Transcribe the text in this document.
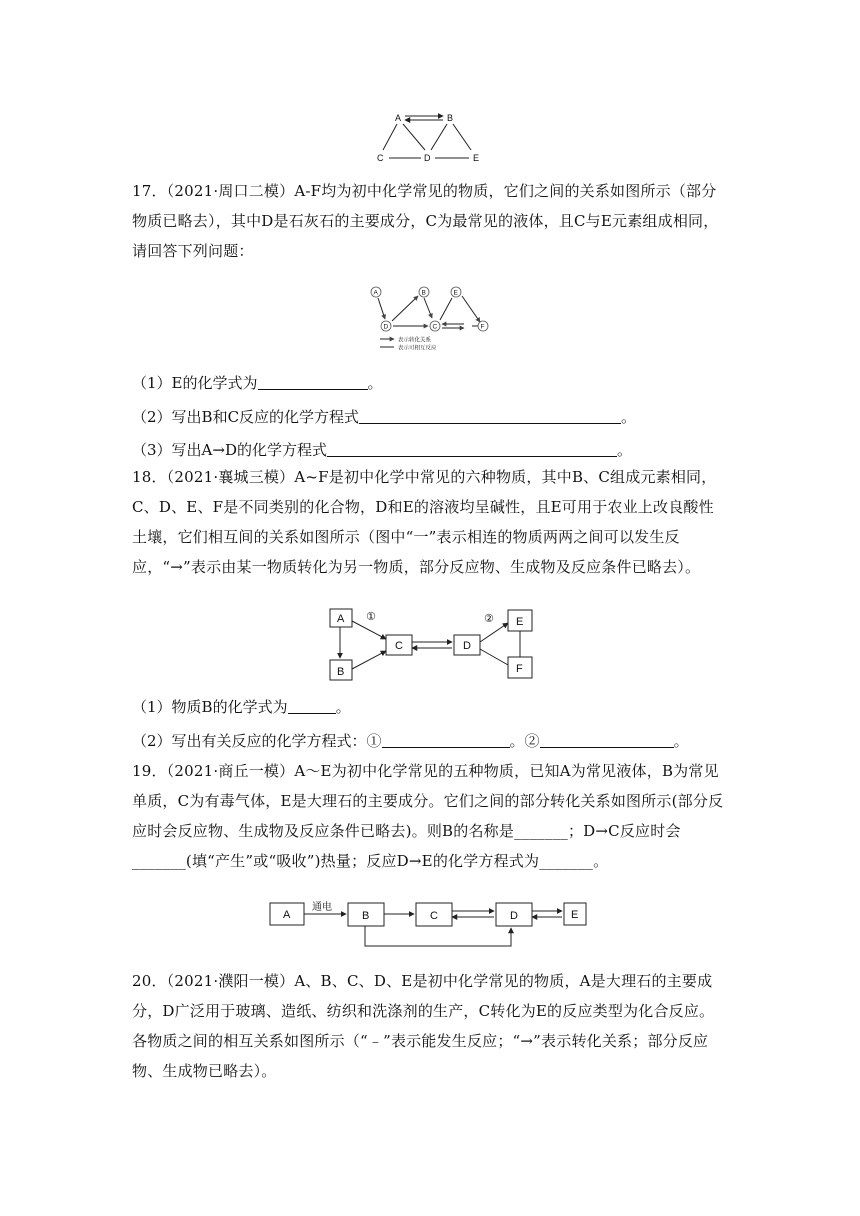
A	B
C	D	E

17．（2021·周口二模）A-F均为初中化学常见的物质，它们之间的关系如图所示（部分物质已略去），其中D是石灰石的主要成分，C为最常见的液体，且C与E元素组成相同，请回答下列问题：

A	B	E
D	C	F
表示转化关系
表示可相互反应

（1）E的化学式为	。

（2）写出B和C反应的化学方程式	。

（3）写出A→D的化学方程式	。

18．（2021·襄城三模）A~F是初中化学中常见的六种物质，其中B、C组成元素相同，C、D、E、F是不同类别的化合物，D和E的溶液均呈碱性，且E可用于农业上改良酸性土壤，它们相互间的关系如图所示（图中“一”表示相连的物质两两之间可以发生反应，“→”表示由某一物质转化为另一物质，部分反应物、生成物及反应条件已略去）。

A
B
C	D
E
F
①	②

（1）物质B的化学式为	。

（2）写出有关反应的化学方程式：①	。②	。

19．（2021·商丘一模）A～E为初中化学常见的五种物质，已知A为常见液体，B为常见单质，C为有毒气体，E是大理石的主要成分。它们之间的部分转化关系如图所示(部分反应时会反应物、生成物及反应条件已略去)。则B的名称是_______；D→C反应时会_______(填“产生”或“吸收”)热量；反应D→E的化学方程式为_______。

A	B	C	D	E
通电

20．（2021·濮阳一模）A、B、C、D、E是初中化学常见的物质，A是大理石的主要成分，D广泛用于玻璃、造纸、纺织和洗涤剂的生产，C转化为E的反应类型为化合反应。各物质之间的相互关系如图所示（“﹣”表示能发生反应；“→”表示转化关系；部分反应物、生成物已略去）。
